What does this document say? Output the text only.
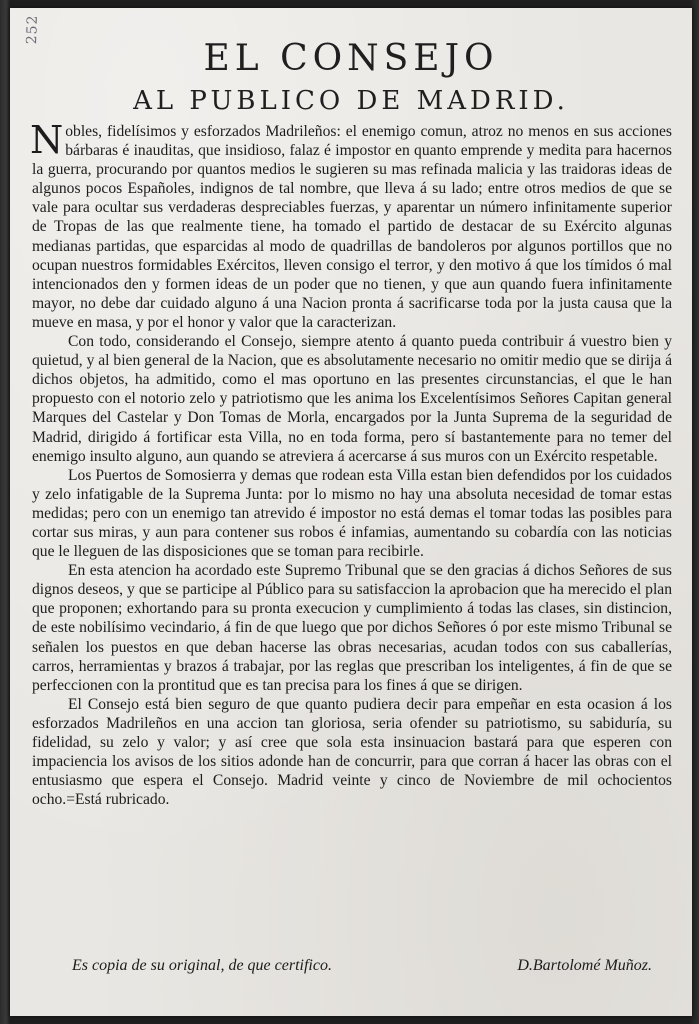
252
EL CONSEJO
AL PUBLICO DE MADRID.

Nobles, fidelísimos y esforzados Madrileños: el enemigo comun, atroz no menos en sus acciones bárbaras é inauditas, que insidioso, falaz é impostor en quanto emprende y medita para hacernos la guerra, procurando por quantos medios le sugieren su mas refinada malicia y las traidoras ideas de algunos pocos Españoles, indignos de tal nombre, que lleva á su lado; entre otros medios de que se vale para ocultar sus verdaderas despreciables fuerzas, y aparentar un número infinitamente superior de Tropas de las que realmente tiene, ha tomado el partido de destacar de su Exército algunas medianas partidas, que esparcidas al modo de quadrillas de bandoleros por algunos portillos que no ocupan nuestros formidables Exércitos, lleven consigo el terror, y den motivo á que los tímidos ó mal intencionados den y formen ideas de un poder que no tienen, y que aun quando fuera infinitamente mayor, no debe dar cuidado alguno á una Nacion pronta á sacrificarse toda por la justa causa que la mueve en masa, y por el honor y valor que la caracterizan.

Con todo, considerando el Consejo, siempre atento á quanto pueda contribuir á vuestro bien y quietud, y al bien general de la Nacion, que es absolutamente necesario no omitir medio que se dirija á dichos objetos, ha admitido, como el mas oportuno en las presentes circunstancias, el que le han propuesto con el notorio zelo y patriotismo que les anima los Excelentísimos Señores Capitan general Marques del Castelar y Don Tomas de Morla, encargados por la Junta Suprema de la seguridad de Madrid, dirigido á fortificar esta Villa, no en toda forma, pero sí bastantemente para no temer del enemigo insulto alguno, aun quando se atreviera á acercarse á sus muros con un Exército respetable.

Los Puertos de Somosierra y demas que rodean esta Villa estan bien defendidos por los cuidados y zelo infatigable de la Suprema Junta: por lo mismo no hay una absoluta necesidad de tomar estas medidas; pero con un enemigo tan atrevido é impostor no está demas el tomar todas las posibles para cortar sus miras, y aun para contener sus robos é infamias, aumentando su cobardía con las noticias que le lleguen de las disposiciones que se toman para recibirle.

En esta atencion ha acordado este Supremo Tribunal que se den gracias á dichos Señores de sus dignos deseos, y que se participe al Público para su satisfaccion la aprobacion que ha merecido el plan que proponen; exhortando para su pronta execucion y cumplimiento á todas las clases, sin distincion, de este nobilísimo vecindario, á fin de que luego que por dichos Señores ó por este mismo Tribunal se señalen los puestos en que deban hacerse las obras necesarias, acudan todos con sus caballerías, carros, herramientas y brazos á trabajar, por las reglas que prescriban los inteligentes, á fin de que se perfeccionen con la prontitud que es tan precisa para los fines á que se dirigen.

El Consejo está bien seguro de que quanto pudiera decir para empeñar en esta ocasion á los esforzados Madrileños en una accion tan gloriosa, seria ofender su patriotismo, su sabiduría, su fidelidad, su zelo y valor; y así cree que sola esta insinuacion bastará para que esperen con impaciencia los avisos de los sitios adonde han de concurrir, para que corran á hacer las obras con el entusiasmo que espera el Consejo. Madrid veinte y cinco de Noviembre de mil ochocientos ocho.=Está rubricado.

Es copia de su original, de que certifico.	D.Bartolomé Muñoz.
